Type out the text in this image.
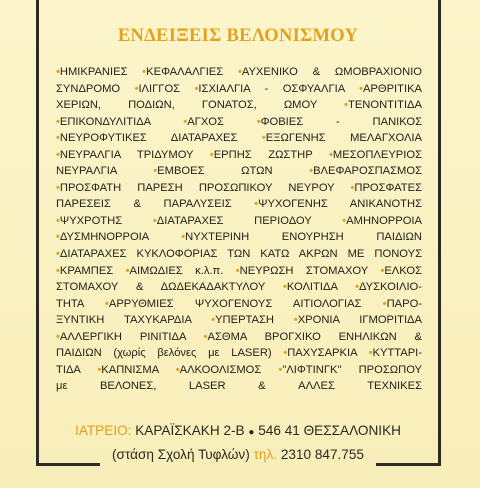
ΕΝΔΕΙΞΕΙΣ ΒΕΛΟΝΙΣΜΟΥ
•ΗΜΙΚΡΑΝΙΕΣ •ΚΕΦΑΛΑΛΓΙΕΣ •ΑΥΧΕΝΙΚΟ & ΩΜΟΒΡΑΧΙΟΝΙΟ
ΣΥΝΔΡΟΜΟ •ΙΛΙΓΓΟΣ •ΙΣΧΙΑΛΓΙΑ - ΟΣΦΥΑΛΓΙΑ •ΑΡΘΡΙΤΙΚΑ
ΧΕΡΙΩΝ, ΠΟΔΙΩΝ, ΓΟΝΑΤΟΣ, ΩΜΟΥ •ΤΕΝΟΝΤΙΤΙΔΑ
•ΕΠΙΚΟΝΔΥΛΙΤΙΔΑ •ΑΓΧΟΣ •ΦΟΒΙΕΣ - ΠΑΝΙΚΟΣ
•ΝΕΥΡΟΦΥΤΙΚΕΣ ΔΙΑΤΑΡΑΧΕΣ •ΕΞΩΓΕΝΗΣ ΜΕΛΑΓΧΟΛΙΑ
•ΝΕΥΡΑΛΓΙΑ ΤΡΙΔΥΜΟΥ •ΕΡΠΗΣ ΖΩΣΤΗΡ •ΜΕΣΟΠΛΕΥΡΙΟΣ
ΝΕΥΡΑΛΓΙΑ •ΕΜΒΟΕΣ ΩΤΩΝ •ΒΛΕΦΑΡΟΣΠΑΣΜΟΣ
•ΠΡΟΣΦΑΤΗ ΠΑΡΕΣΗ ΠΡΟΣΩΠΙΚΟΥ ΝΕΥΡΟΥ •ΠΡΟΣΦΑΤΕΣ
ΠΑΡΕΣΕΙΣ & ΠΑΡΑΛΥΣΕΙΣ •ΨΥΧΟΓΕΝΗΣ ΑΝΙΚΑΝΟΤΗΣ
•ΨΥΧΡΟΤΗΣ •ΔΙΑΤΑΡΑΧΕΣ ΠΕΡΙΟΔΟΥ •ΑΜΗΝΟΡΡΟΙΑ
•ΔΥΣΜΗΝΟΡΡΟΙΑ •ΝΥΧΤΕΡΙΝΗ ΕΝΟΥΡΗΣΗ ΠΑΙΔΙΩΝ
•ΔΙΑΤΑΡΑΧΕΣ ΚΥΚΛΟΦΟΡΙΑΣ ΤΩΝ ΚΑΤΩ ΑΚΡΩΝ ΜΕ ΠΟΝΟΥΣ
•ΚΡΑΜΠΕΣ •ΑΙΜΩΔΙΕΣ κ.λ.π. •ΝΕΥΡΩΣΗ ΣΤΟΜΑΧΟΥ •ΕΛΚΟΣ
ΣΤΟΜΑΧΟΥ & ΔΩΔΕΚΑΔΑΚΤΥΛΟΥ •ΚΟΛΙΤΙΔΑ •ΔΥΣΚΟΙΛΙΟ-
ΤΗΤΑ •ΑΡΡΥΘΜΙΕΣ ΨΥΧΟΓΕΝΟΥΣ ΑΙΤΙΟΛΟΓΙΑΣ •ΠΑΡΟ-
ΞΥΝΤΙΚΗ ΤΑΧΥΚΑΡΔΙΑ •ΥΠΕΡΤΑΣΗ •ΧΡΟΝΙΑ ΙΓΜΟΡΙΤΙΔΑ
•ΑΛΛΕΡΓΙΚΗ ΡΙΝΙΤΙΔΑ •ΑΣΘΜΑ ΒΡΟΓΧΙΚΟ ΕΝΗΛΙΚΩΝ &
ΠΑΙΔΙΩΝ (χωρίς βελόνες με LASER) •ΠΑΧΥΣΑΡΚΙΑ •ΚΥΤΤΑΡΙ-
ΤΙΔΑ •ΚΑΠΝΙΣΜΑ •ΑΛΚΟΟΛΙΣΜΟΣ •"ΛΙΦΤΙΝΓΚ" ΠΡΟΣΩΠΟΥ
με ΒΕΛΟΝΕΣ, LASER & ΑΛΛΕΣ ΤΕΧΝΙΚΕΣ
ΙΑΤΡΕΙΟ: ΚΑΡΑΪΣΚΑΚΗ 2-Β ● 546 41 ΘΕΣΣΑΛΟΝΙΚΗ
(στάση Σχολή Τυφλών) τηλ. 2310 847.755
